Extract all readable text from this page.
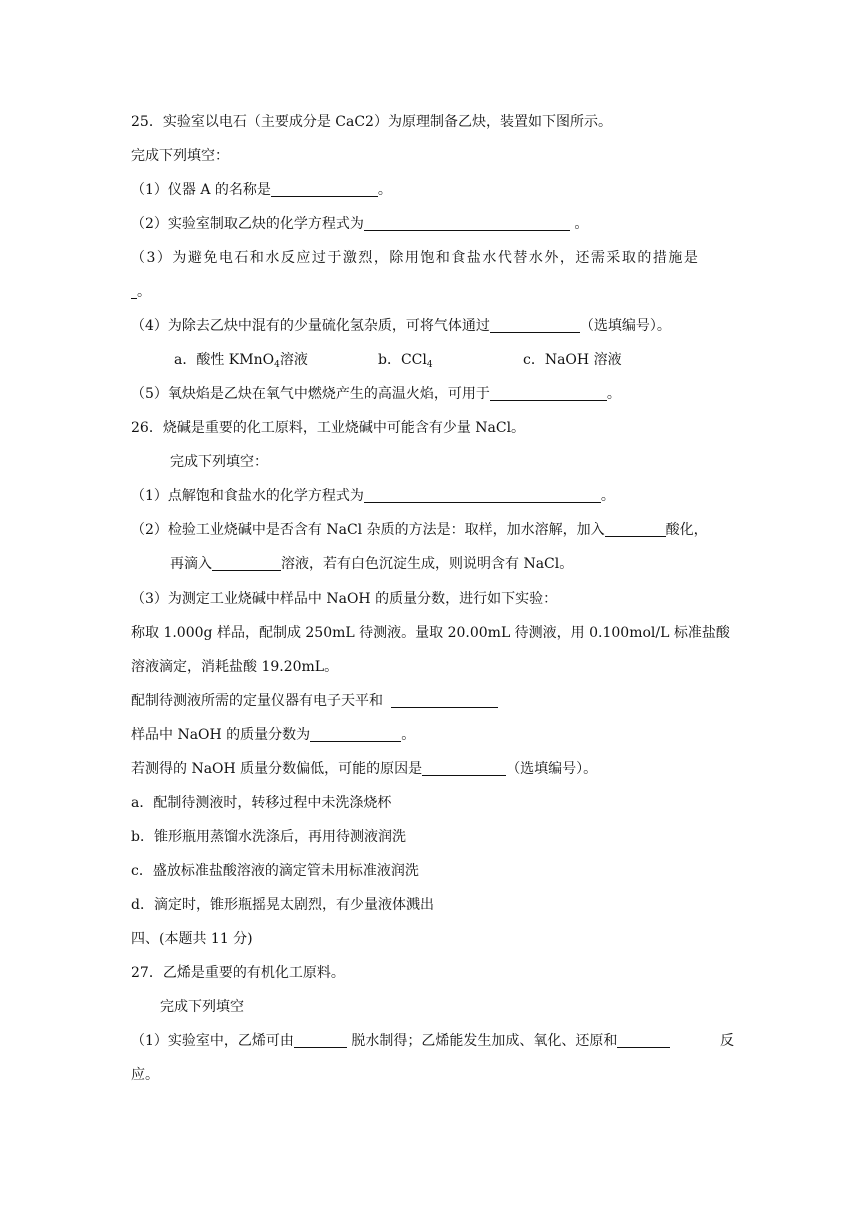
25．实验室以电石（主要成分是 CaC2）为原理制备乙炔，装置如下图所示。
完成下列填空：
（1）仪器 A 的名称是	。
（2）实验室制取乙炔的化学方程式为	。
（3）为避免电石和水反应过于激烈，除用饱和食盐水代替水外，还需采取的措施是
。
（4）为除去乙炔中混有的少量硫化氢杂质，可将气体通过	（选填编号）。
a．酸性 KMnO$_4$溶液	b．CCl$_4$	c．NaOH 溶液
（5）氧炔焰是乙炔在氧气中燃烧产生的高温火焰，可用于	。
26．烧碱是重要的化工原料，工业烧碱中可能含有少量 NaCl。
完成下列填空：
（1）点解饱和食盐水的化学方程式为	。
（2）检验工业烧碱中是否含有 NaCl 杂质的方法是：取样，加水溶解，加入	酸化，
再滴入	溶液，若有白色沉淀生成，则说明含有 NaCl。
（3）为测定工业烧碱中样品中 NaOH 的质量分数，进行如下实验：
称取 1.000g 样品，配制成 250mL 待测液。量取 20.00mL 待测液，用 0.100mol/L 标准盐酸
溶液滴定，消耗盐酸 19.20mL。
配制待测液所需的定量仪器有电子天平和
样品中 NaOH 的质量分数为	。
若测得的 NaOH 质量分数偏低，可能的原因是	（选填编号）。
a．配制待测液时，转移过程中未洗涤烧杯
b．锥形瓶用蒸馏水洗涤后，再用待测液润洗
c．盛放标准盐酸溶液的滴定管未用标准液润洗
d．滴定时，锥形瓶摇晃太剧烈，有少量液体溅出
四、(本题共 11 分)
27．乙烯是重要的有机化工原料。
完成下列填空
（1）实验室中，乙烯可由	脱水制得；乙烯能发生加成、氧化、还原和	反
应。
